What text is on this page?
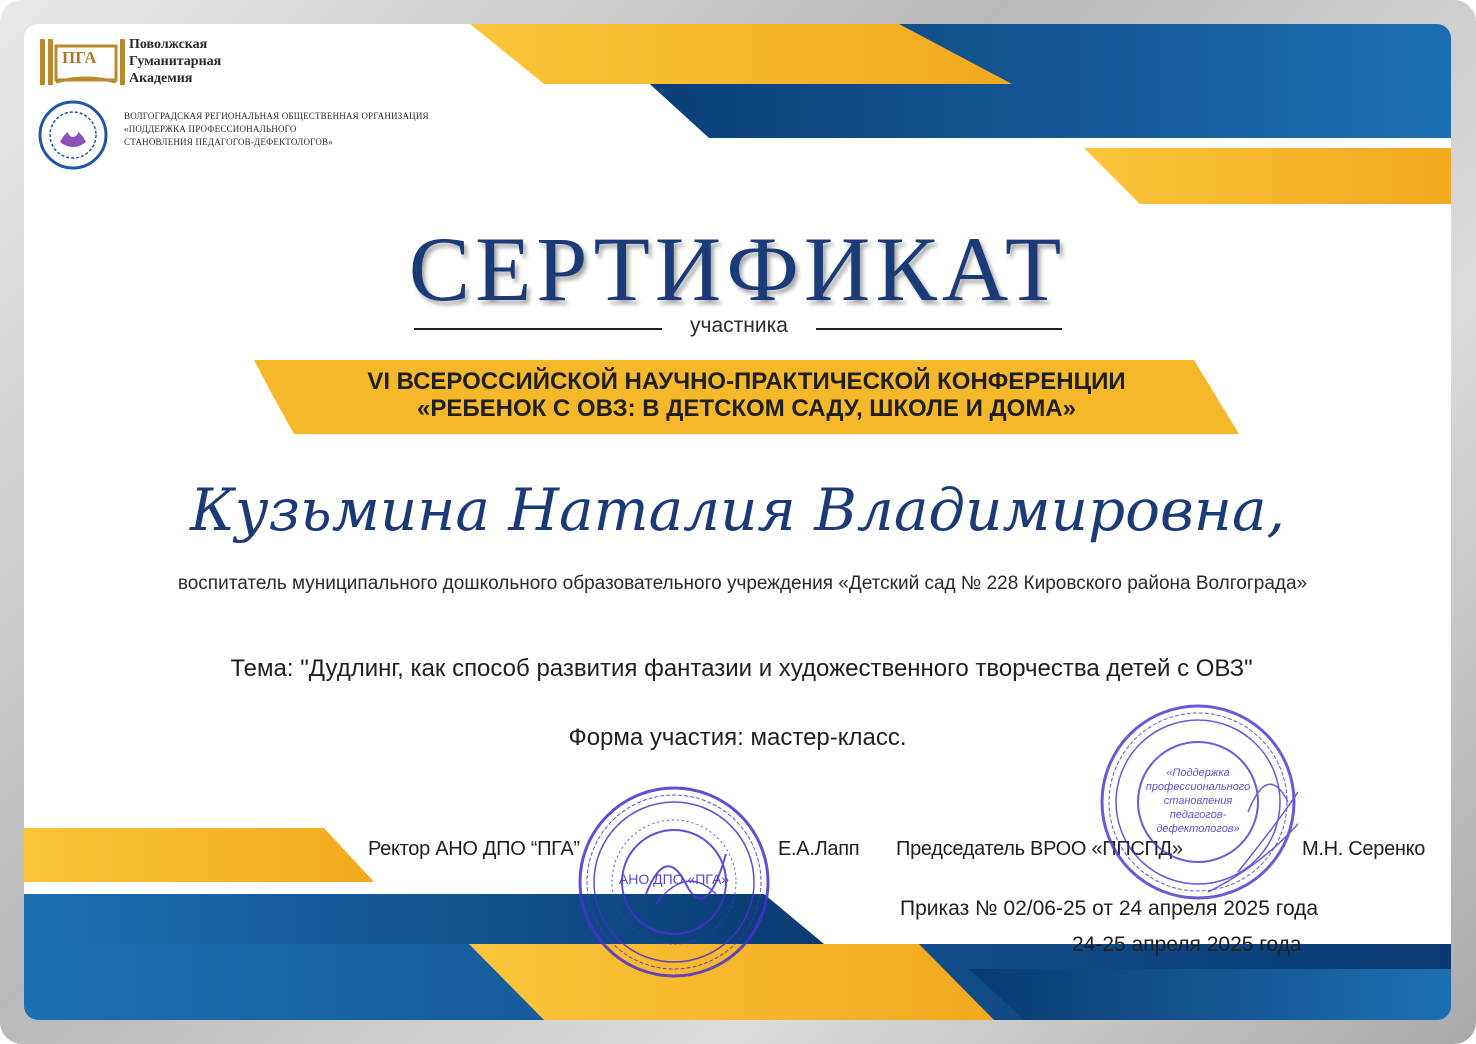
ПГА
Поволжская
Гуманитарная
Академия
ВОЛГОГРАДСКАЯ РЕГИОНАЛЬНАЯ ОБЩЕСТВЕННАЯ ОРГАНИЗАЦИЯ
«ПОДДЕРЖКА ПРОФЕССИОНАЛЬНОГО
СТАНОВЛЕНИЯ ПЕДАГОГОВ-ДЕФЕКТОЛОГОВ»
СЕРТИФИКАТ
участника
VI ВСЕРОССИЙСКОЙ НАУЧНО-ПРАКТИЧЕСКОЙ КОНФЕРЕНЦИИ
«РЕБЕНОК С ОВЗ: В ДЕТСКОМ САДУ, ШКОЛЕ И ДОМА»
Кузьмина Наталия Владимировна,
воспитатель муниципального дошкольного образовательного учреждения «Детский сад № 228 Кировского района Волгограда»
Тема: "Дудлинг, как способ развития фантазии и художественного творчества детей с ОВЗ"
Форма участия: мастер-класс.
Ректор АНО ДПО “ПГА”	Е.А.Лапп Председатель ВРОО «ППСПД»	М.Н. Серенко
Приказ № 02/06-25 от 24 апреля 2025 года
24-25 апреля 2025 года
АНО ДПО «ПГА»
«Поддержка
профессионального
становления
педагогов-
дефектологов»
